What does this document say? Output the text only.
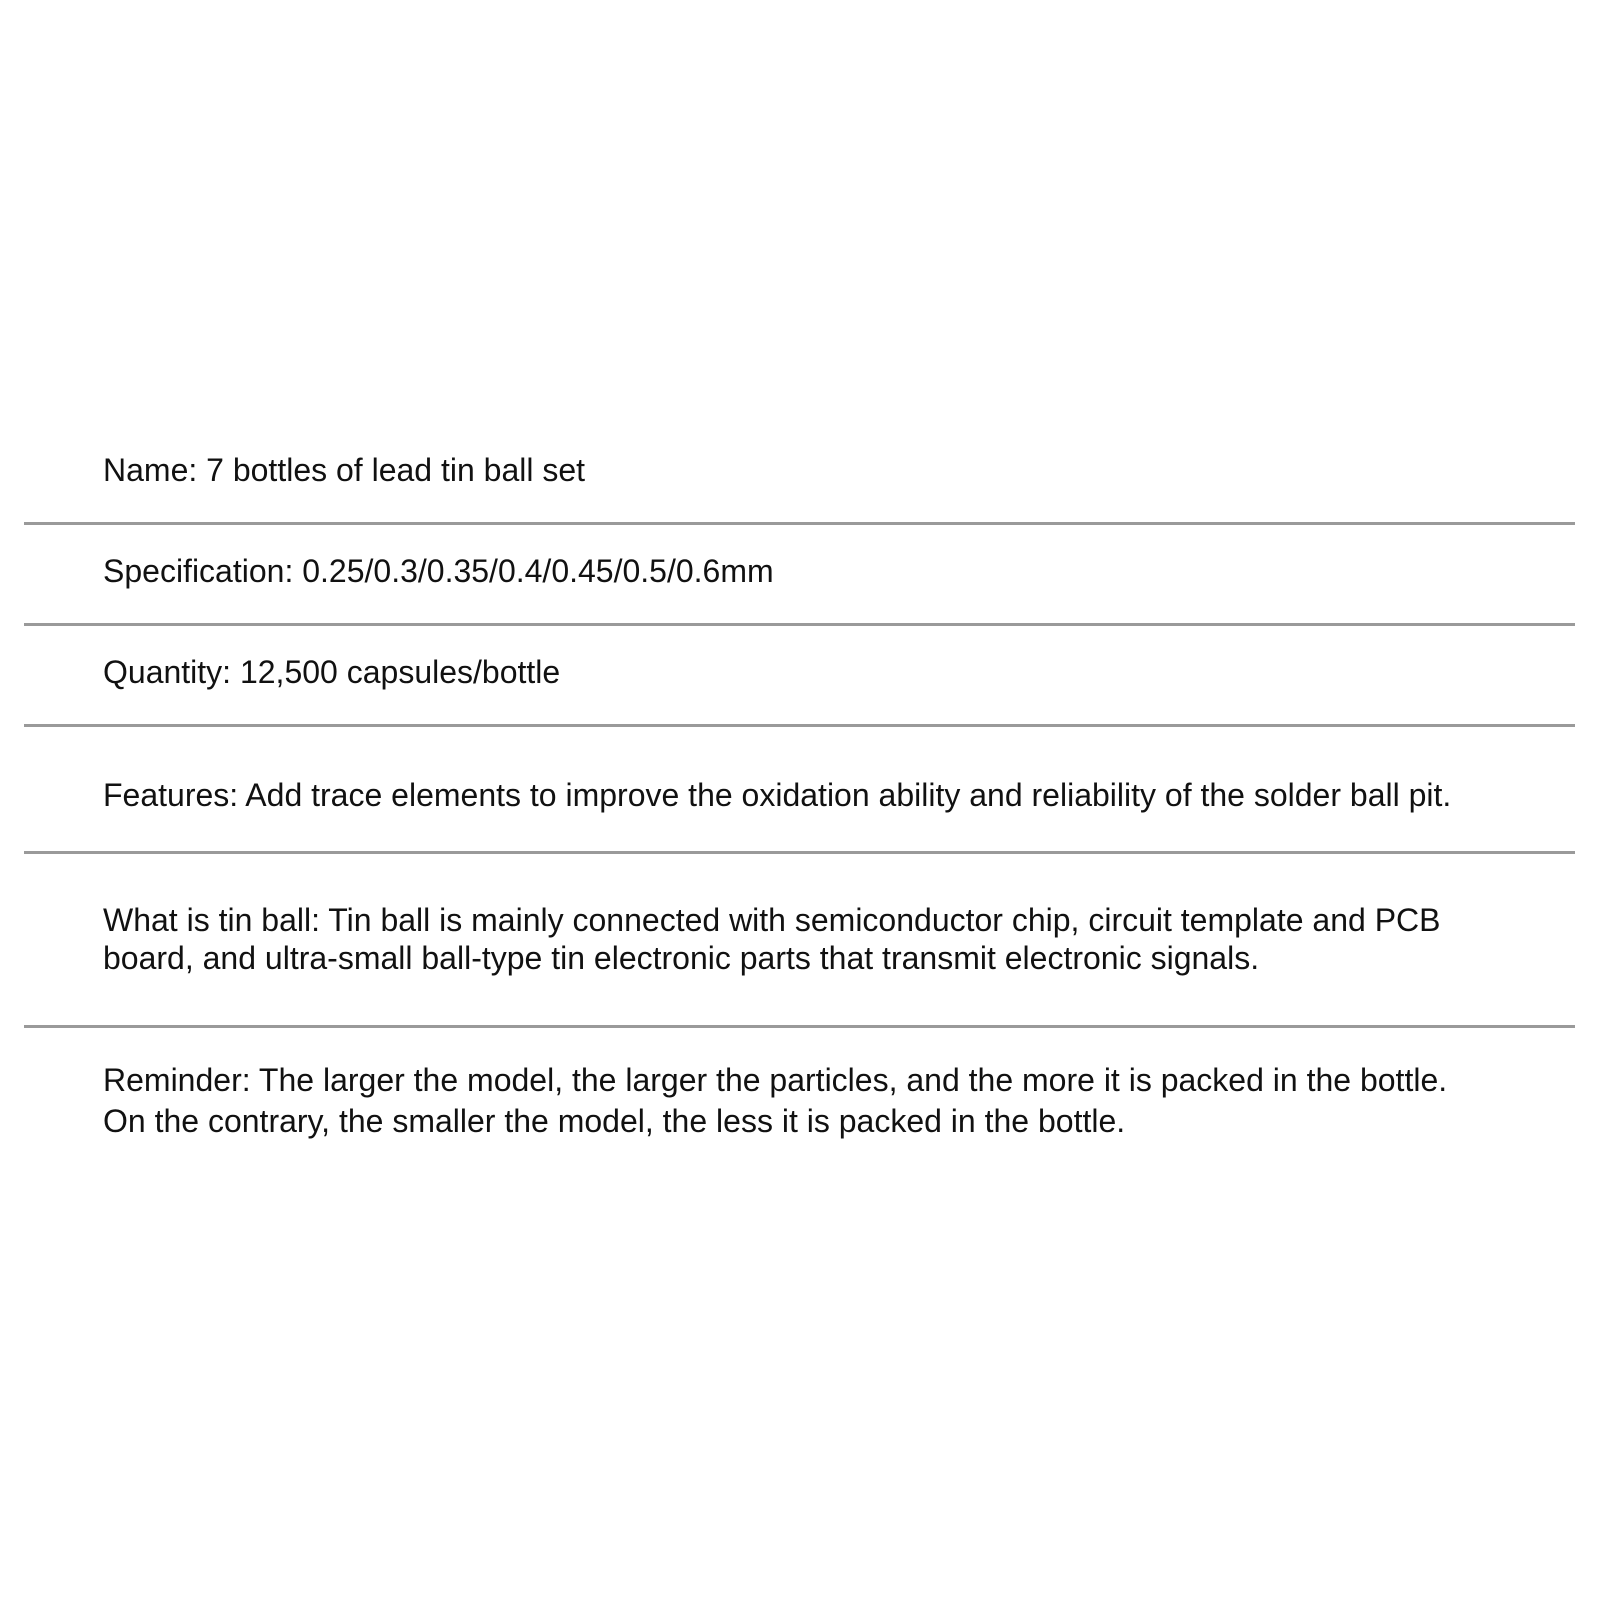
Name: 7 bottles of lead tin ball set

Specification: 0.25/0.3/0.35/0.4/0.45/0.5/0.6mm

Quantity: 12,500 capsules/bottle

Features: Add trace elements to improve the oxidation ability and reliability of the solder ball pit.

What is tin ball: Tin ball is mainly connected with semiconductor chip, circuit template and PCB

board, and ultra-small ball-type tin electronic parts that transmit electronic signals.

Reminder: The larger the model, the larger the particles, and the more it is packed in the bottle.

On the contrary, the smaller the model, the less it is packed in the bottle.
